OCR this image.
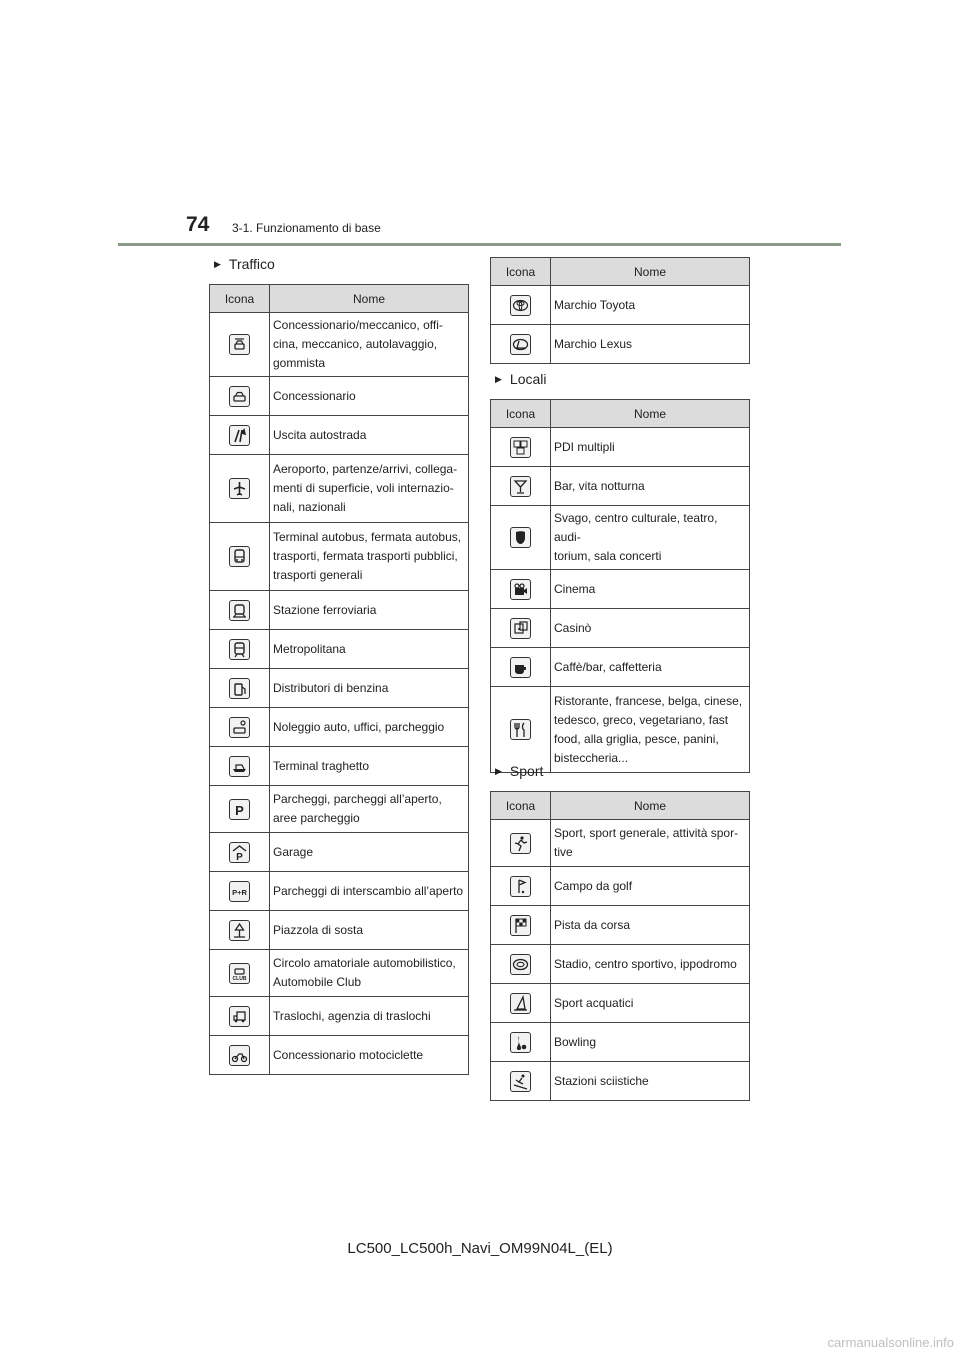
74 3-1. Funzionamento di base
▶ Traffico
Icona	Nome

	Concessionario/meccanico, offi-
cina, meccanico, autolavaggio,
gommista

	Concessionario

	Uscita autostrada

	Aeroporto, partenze/arrivi, collega-
menti di superficie, voli internazio-
nali, nazionali

	Terminal autobus, fermata autobus,
trasporti, fermata trasporti pubblici,
trasporti generali

	Stazione ferroviaria

	Metropolitana

	Distributori di benzina

	Noleggio auto, uffici, parcheggio

	Terminal traghetto

P	Parcheggi, parcheggi all’aperto,
aree parcheggio

P	Garage

P+R	Parcheggi di interscambio all’aperto

	Piazzola di sosta

CLUB	Circolo amatoriale automobilistico,
Automobile Club

	Traslochi, agenzia di traslochi

	Concessionario motociclette
Icona	Nome

	Marchio Toyota

	Marchio Lexus
▶ Locali
Icona	Nome

	PDI multipli

	Bar, vita notturna

	Svago, centro culturale, teatro, audi-
torium, sala concerti

	Cinema

	Casinò

	Caffè/bar, caffetteria

	Ristorante, francese, belga, cinese,
tedesco, greco, vegetariano, fast
food, alla griglia, pesce, panini,
bisteccheria...
▶ Sport
Icona	Nome

	Sport, sport generale, attività spor-
tive

	Campo da golf

	Pista da corsa

	Stadio, centro sportivo, ippodromo

	Sport acquatici

	Bowling

	Stazioni sciistiche
LC500_LC500h_Navi_OM99N04L_(EL)
carmanualsonline.info
